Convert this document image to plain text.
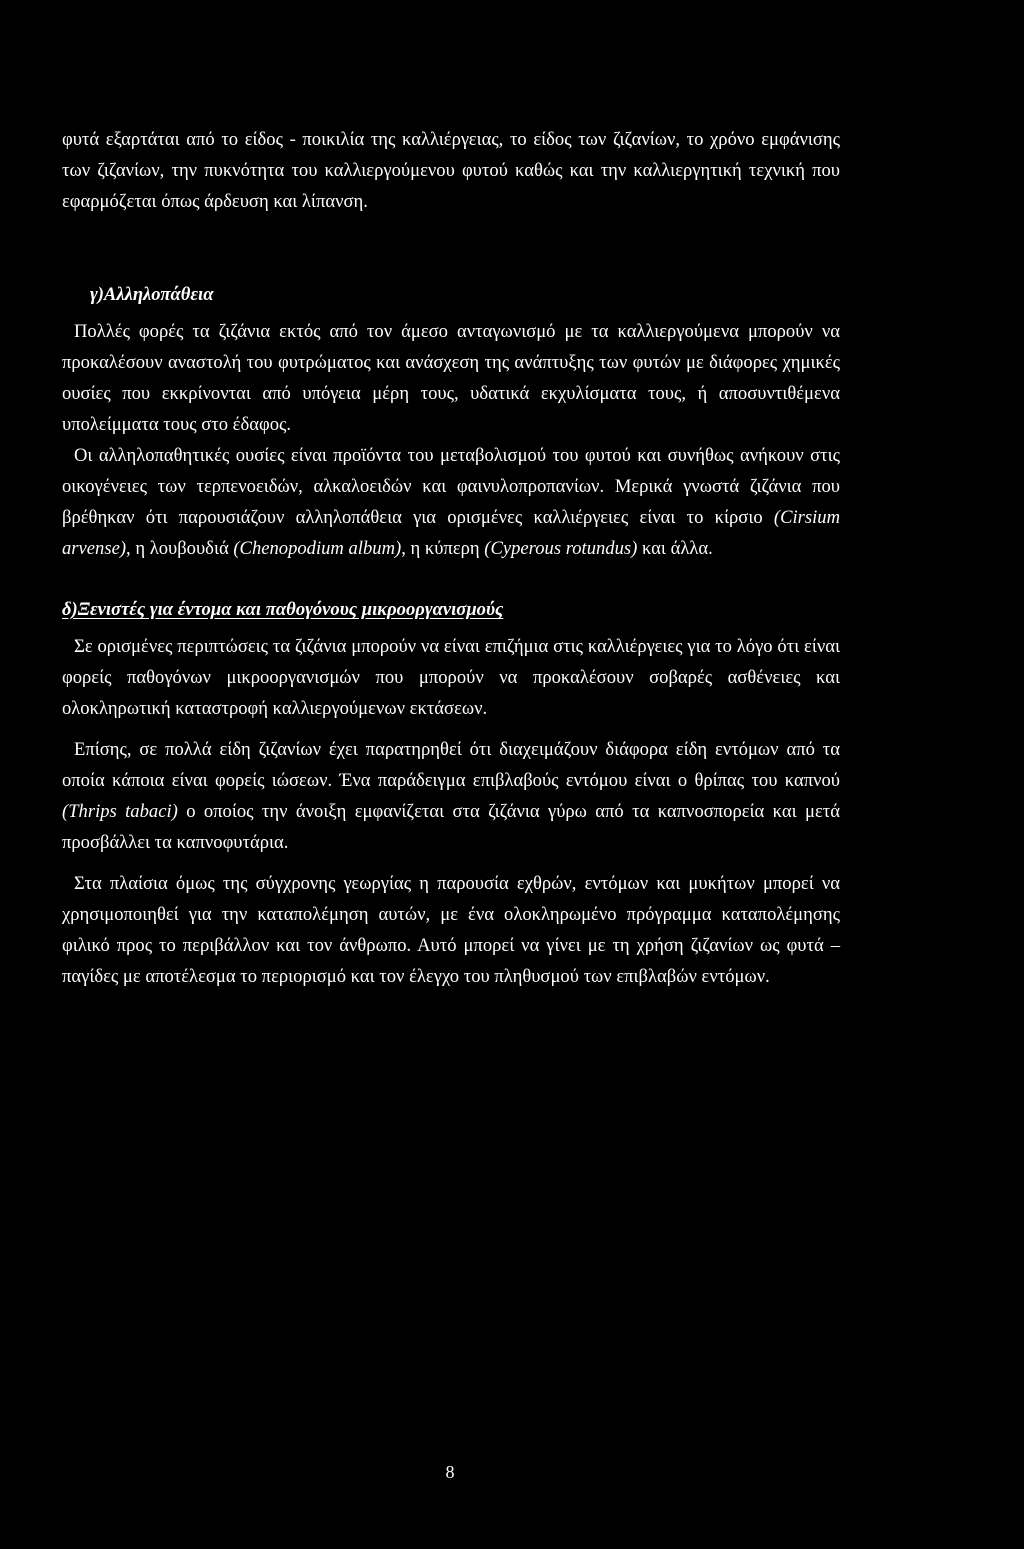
φυτά εξαρτάται από το είδος - ποικιλία της καλλιέργειας, το είδος των ζιζανίων, το χρόνο εμφάνισης των ζιζανίων, την πυκνότητα του καλλιεργούμενου φυτού καθώς και την καλλιεργητική τεχνική που εφαρμόζεται όπως άρδευση και λίπανση.

γ)Αλληλοπάθεια

Πολλές φορές τα ζιζάνια εκτός από τον άμεσο ανταγωνισμό με τα καλλιεργούμενα μπορούν να προκαλέσουν αναστολή του φυτρώματος και ανάσχεση της ανάπτυξης των φυτών με διάφορες χημικές ουσίες που εκκρίνονται από υπόγεια μέρη τους, υδατικά εκχυλίσματα τους, ή αποσυντιθέμενα υπολείμματα τους στο έδαφος.

Οι αλληλοπαθητικές ουσίες είναι προϊόντα του μεταβολισμού του φυτού και συνήθως ανήκουν στις οικογένειες των τερπενοειδών, αλκαλοειδών και φαινυλοπροπανίων. Μερικά γνωστά ζιζάνια που βρέθηκαν ότι παρουσιάζουν αλληλοπάθεια για ορισμένες καλλιέργειες είναι το κίρσιο (Cirsium arvense), η λουβουδιά (Chenopodium album), η κύπερη (Cyperous rotundus) και άλλα.

δ)Ξενιστές για έντομα και παθογόνους μικροοργανισμούς

Σε ορισμένες περιπτώσεις τα ζιζάνια μπορούν να είναι επιζήμια στις καλλιέργειες για το λόγο ότι είναι φορείς παθογόνων μικροοργανισμών που μπορούν να προκαλέσουν σοβαρές ασθένειες και ολοκληρωτική καταστροφή καλλιεργούμενων εκτάσεων.

Επίσης, σε πολλά είδη ζιζανίων έχει παρατηρηθεί ότι διαχειμάζουν διάφορα είδη εντόμων από τα οποία κάποια είναι φορείς ιώσεων. Ένα παράδειγμα επιβλαβούς εντόμου είναι ο θρίπας του καπνού (Thrips tabaci) ο οποίος την άνοιξη εμφανίζεται στα ζιζάνια γύρω από τα καπνοσπορεία και μετά προσβάλλει τα καπνοφυτάρια.

Στα πλαίσια όμως της σύγχρονης γεωργίας η παρουσία εχθρών, εντόμων και μυκήτων μπορεί να χρησιμοποιηθεί για την καταπολέμηση αυτών, με ένα ολοκληρωμένο πρόγραμμα καταπολέμησης φιλικό προς το περιβάλλον και τον άνθρωπο. Αυτό μπορεί να γίνει με τη χρήση ζιζανίων ως φυτά –παγίδες με αποτέλεσμα το περιορισμό και τον έλεγχο του πληθυσμού των επιβλαβών εντόμων.

8
